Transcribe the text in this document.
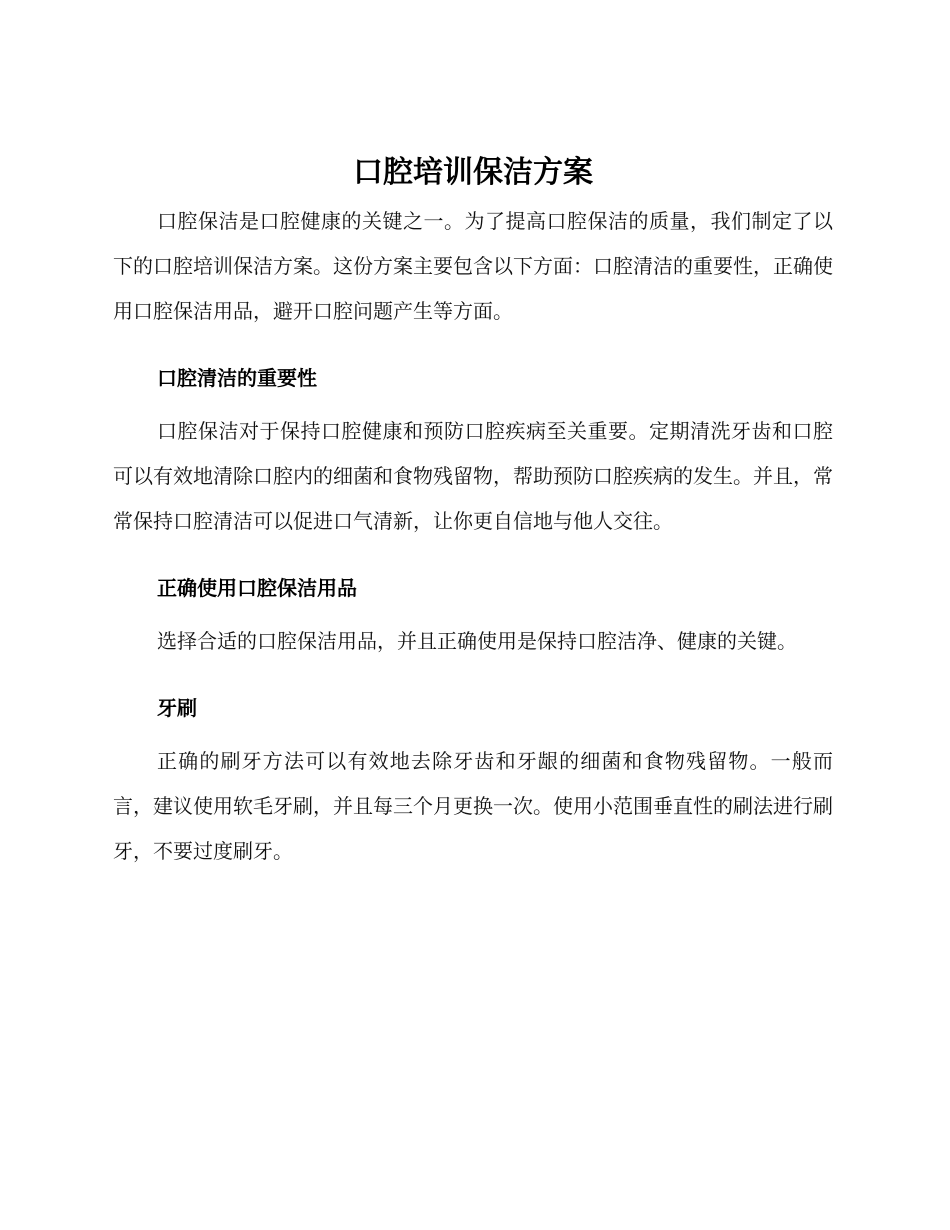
口腔培训保洁方案

口腔保洁是口腔健康的关键之一。为了提高口腔保洁的质量，我们制定了以下的口腔培训保洁方案。这份方案主要包含以下方面：口腔清洁的重要性，正确使用口腔保洁用品，避开口腔问题产生等方面。

口腔清洁的重要性

口腔保洁对于保持口腔健康和预防口腔疾病至关重要。定期清洗牙齿和口腔可以有效地清除口腔内的细菌和食物残留物，帮助预防口腔疾病的发生。并且，常常保持口腔清洁可以促进口气清新，让你更自信地与他人交往。

正确使用口腔保洁用品

选择合适的口腔保洁用品，并且正确使用是保持口腔洁净、健康的关键。

牙刷

正确的刷牙方法可以有效地去除牙齿和牙龈的细菌和食物残留物。一般而言，建议使用软毛牙刷，并且每三个月更换一次。使用小范围垂直性的刷法进行刷牙，不要过度刷牙。
